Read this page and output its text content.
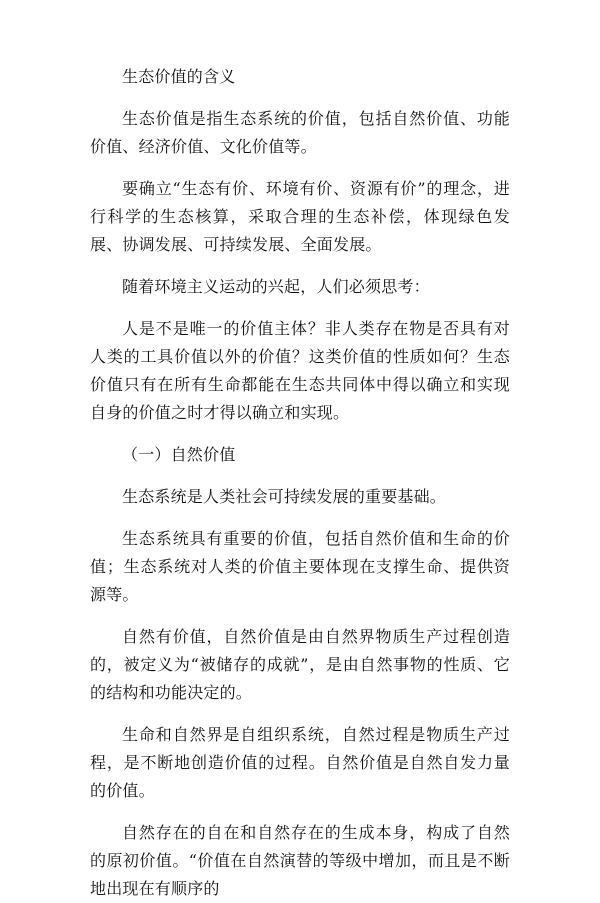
生态价值的含义

生态价值是指生态系统的价值，包括自然价值、功能价值、经济价值、文化价值等。

要确立“生态有价、环境有价、资源有价”的理念，进行科学的生态核算，采取合理的生态补偿，体现绿色发展、协调发展、可持续发展、全面发展。

随着环境主义运动的兴起，人们必须思考：

人是不是唯一的价值主体？非人类存在物是否具有对人类的工具价值以外的价值？这类价值的性质如何？生态价值只有在所有生命都能在生态共同体中得以确立和实现自身的价值之时才得以确立和实现。

（一）自然价值

生态系统是人类社会可持续发展的重要基础。

生态系统具有重要的价值，包括自然价值和生命的价值；生态系统对人类的价值主要体现在支撑生命、提供资源等。

自然有价值，自然价值是由自然界物质生产过程创造的，被定义为“被储存的成就”，是由自然事物的性质、它的结构和功能决定的。

生命和自然界是自组织系统，自然过程是物质生产过程，是不断地创造价值的过程。自然价值是自然自发力量的价值。

自然存在的自在和自然存在的生成本身，构成了自然的原初价值。“价值在自然演替的等级中增加，而且是不断地出现在有顺序的
